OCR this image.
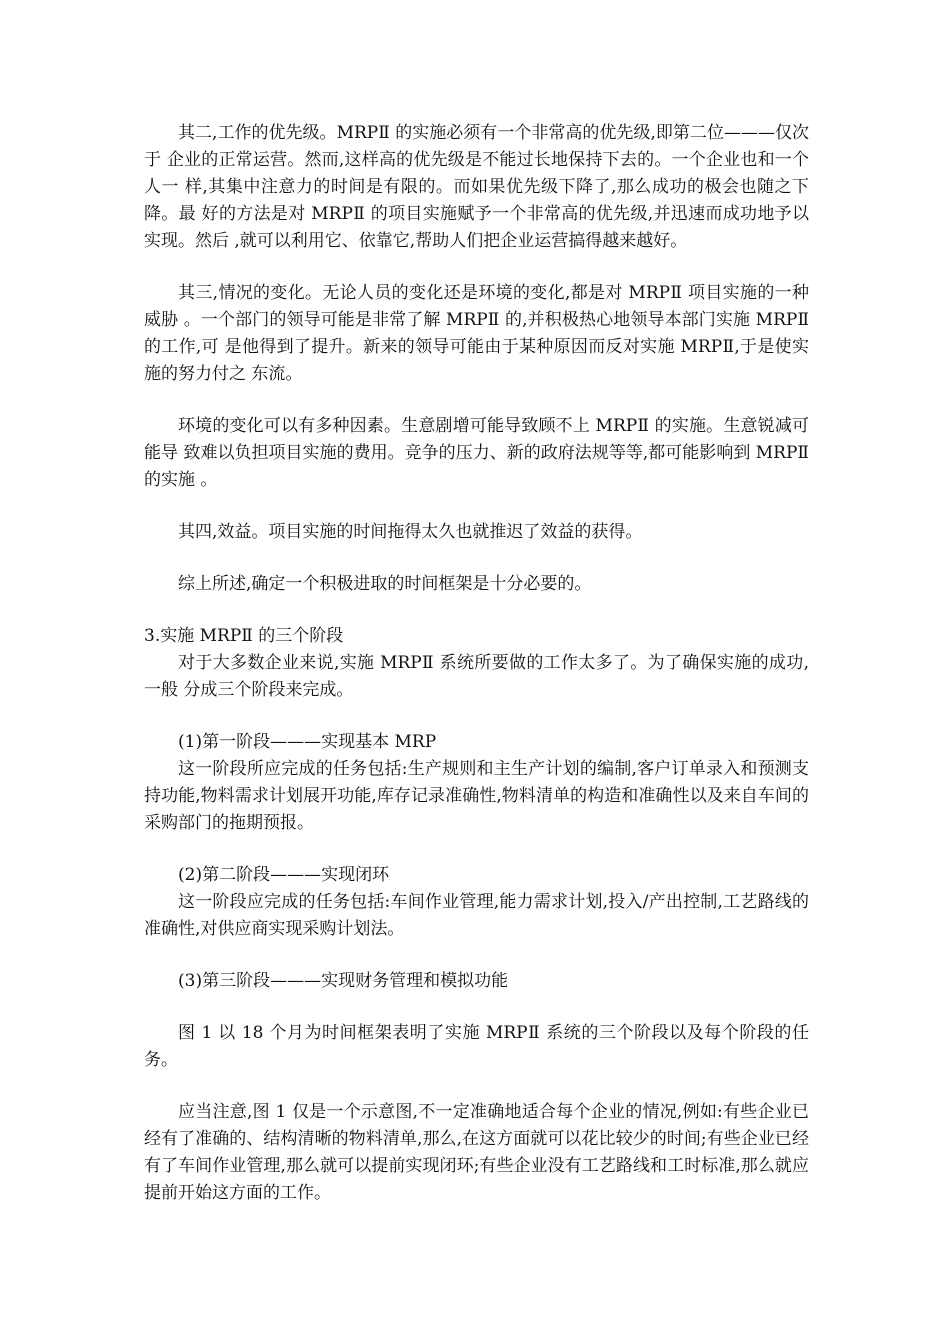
其二,工作的优先级。MRPⅡ 的实施必须有一个非常高的优先级,即第二位———仅次于 企业的正常运营。然而,这样高的优先级是不能过长地保持下去的。一个企业也和一个人一 样,其集中注意力的时间是有限的。而如果优先级下降了,那么成功的极会也随之下降。最 好的方法是对 MRPⅡ 的项目实施赋予一个非常高的优先级,并迅速而成功地予以实现。然后 ,就可以利用它、依靠它,帮助人们把企业运营搞得越来越好。

其三,情况的变化。无论人员的变化还是环境的变化,都是对 MRPⅡ 项目实施的一种威胁 。一个部门的领导可能是非常了解 MRPⅡ 的,并积极热心地领导本部门实施 MRPⅡ 的工作,可 是他得到了提升。新来的领导可能由于某种原因而反对实施 MRPⅡ,于是使实施的努力付之 东流。

环境的变化可以有多种因素。生意剧增可能导致顾不上 MRPⅡ 的实施。生意锐减可能导 致难以负担项目实施的费用。竞争的压力、新的政府法规等等,都可能影响到 MRPⅡ 的实施 。

其四,效益。项目实施的时间拖得太久也就推迟了效益的获得。

综上所述,确定一个积极进取的时间框架是十分必要的。

3.实施 MRPⅡ 的三个阶段

对于大多数企业来说,实施 MRPⅡ 系统所要做的工作太多了。为了确保实施的成功,一般 分成三个阶段来完成。

(1)第一阶段———实现基本 MRP

这一阶段所应完成的任务包括:生产规则和主生产计划的编制,客户订单录入和预测支 持功能,物料需求计划展开功能,库存记录准确性,物料清单的构造和准确性以及来自车间的 采购部门的拖期预报。

(2)第二阶段———实现闭环

这一阶段应完成的任务包括:车间作业管理,能力需求计划,投入/产出控制,工艺路线的 准确性,对供应商实现采购计划法。

(3)第三阶段———实现财务管理和模拟功能

图 1 以 18 个月为时间框架表明了实施 MRPⅡ 系统的三个阶段以及每个阶段的任务。

应当注意,图 1 仅是一个示意图,不一定准确地适合每个企业的情况,例如:有些企业已 经有了准确的、结构清晰的物料清单,那么,在这方面就可以花比较少的时间;有些企业已经 有了车间作业管理,那么就可以提前实现闭环;有些企业没有工艺路线和工时标准,那么就应 提前开始这方面的工作。
